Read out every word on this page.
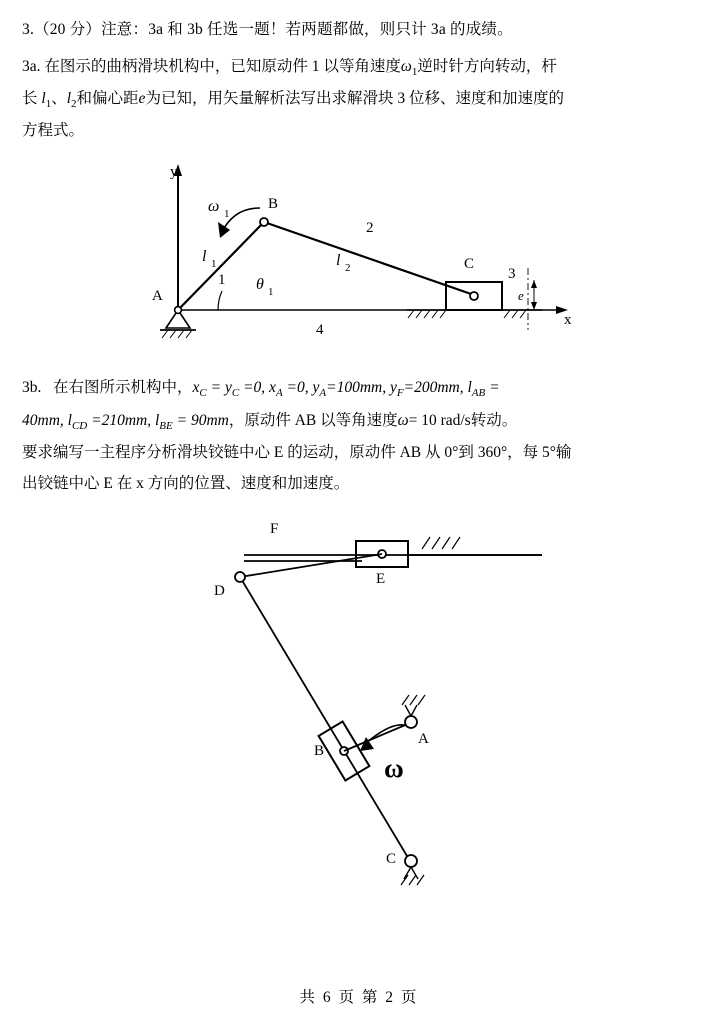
3.（20 分）注意：3a 和 3b 任选一题！若两题都做，则只计 3a 的成绩。
3a. 在图示的曲柄滑块机构中，已知原动件 1 以等角速度$\omega_1$逆时针方向转动，杆
长 $l_1$、$l_2$和偏心距e为已知，用矢量解析法写出求解滑块 3 位移、速度和加速度的
方程式。
y
x
A
B
C
ω 1
l 1	l 2
1
2
3
4
θ 1	e
3b. 在右图所示机构中，$x_C = y_C =0$, $x_A =0$, $y_A=100mm$, $y_F=200mm$, $l_{AB}$ =
40mm, $l_{CD} =210mm$, $l_{BE} = 90mm$，原动件 AB 以等角速度ω= 10 rad/s转动。
要求编写一主程序分析滑块铰链中心 E 的运动，原动件 AB 从 0°到 360°，每 5°输
出铰链中心 E 在 x 方向的位置、速度和加速度。
F
D
E
B
A
C
ω
共 6 页 第 2 页
